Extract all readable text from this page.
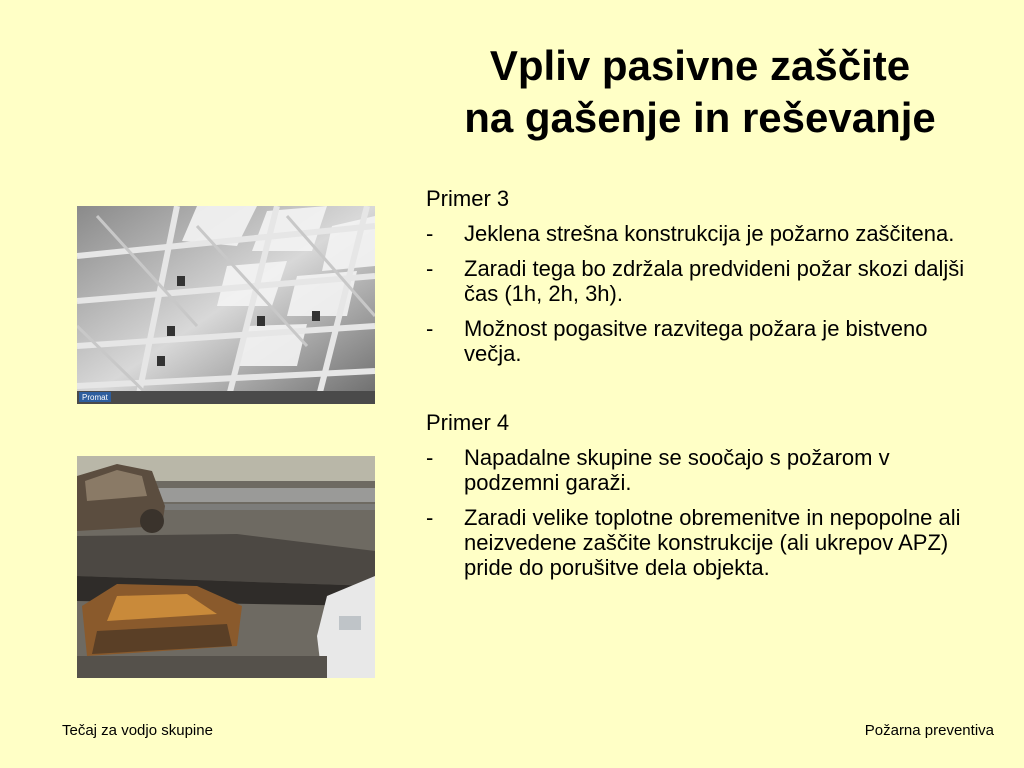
Vpliv pasivne zaščite
na gašenje in reševanje
Promat
Primer 3
-	Jeklena strešna konstrukcija je požarno zaščitena.
-	Zaradi tega bo zdržala predvideni požar skozi daljši čas (1h, 2h, 3h).
-	Možnost pogasitve razvitega požara je bistveno večja.
Primer 4
-	Napadalne skupine se soočajo s požarom v podzemni garaži.
-	Zaradi velike toplotne obremenitve in nepopolne ali neizvedene zaščite konstrukcije (ali ukrepov APZ) pride do porušitve dela objekta.
Tečaj za vodjo skupine	Požarna preventiva
